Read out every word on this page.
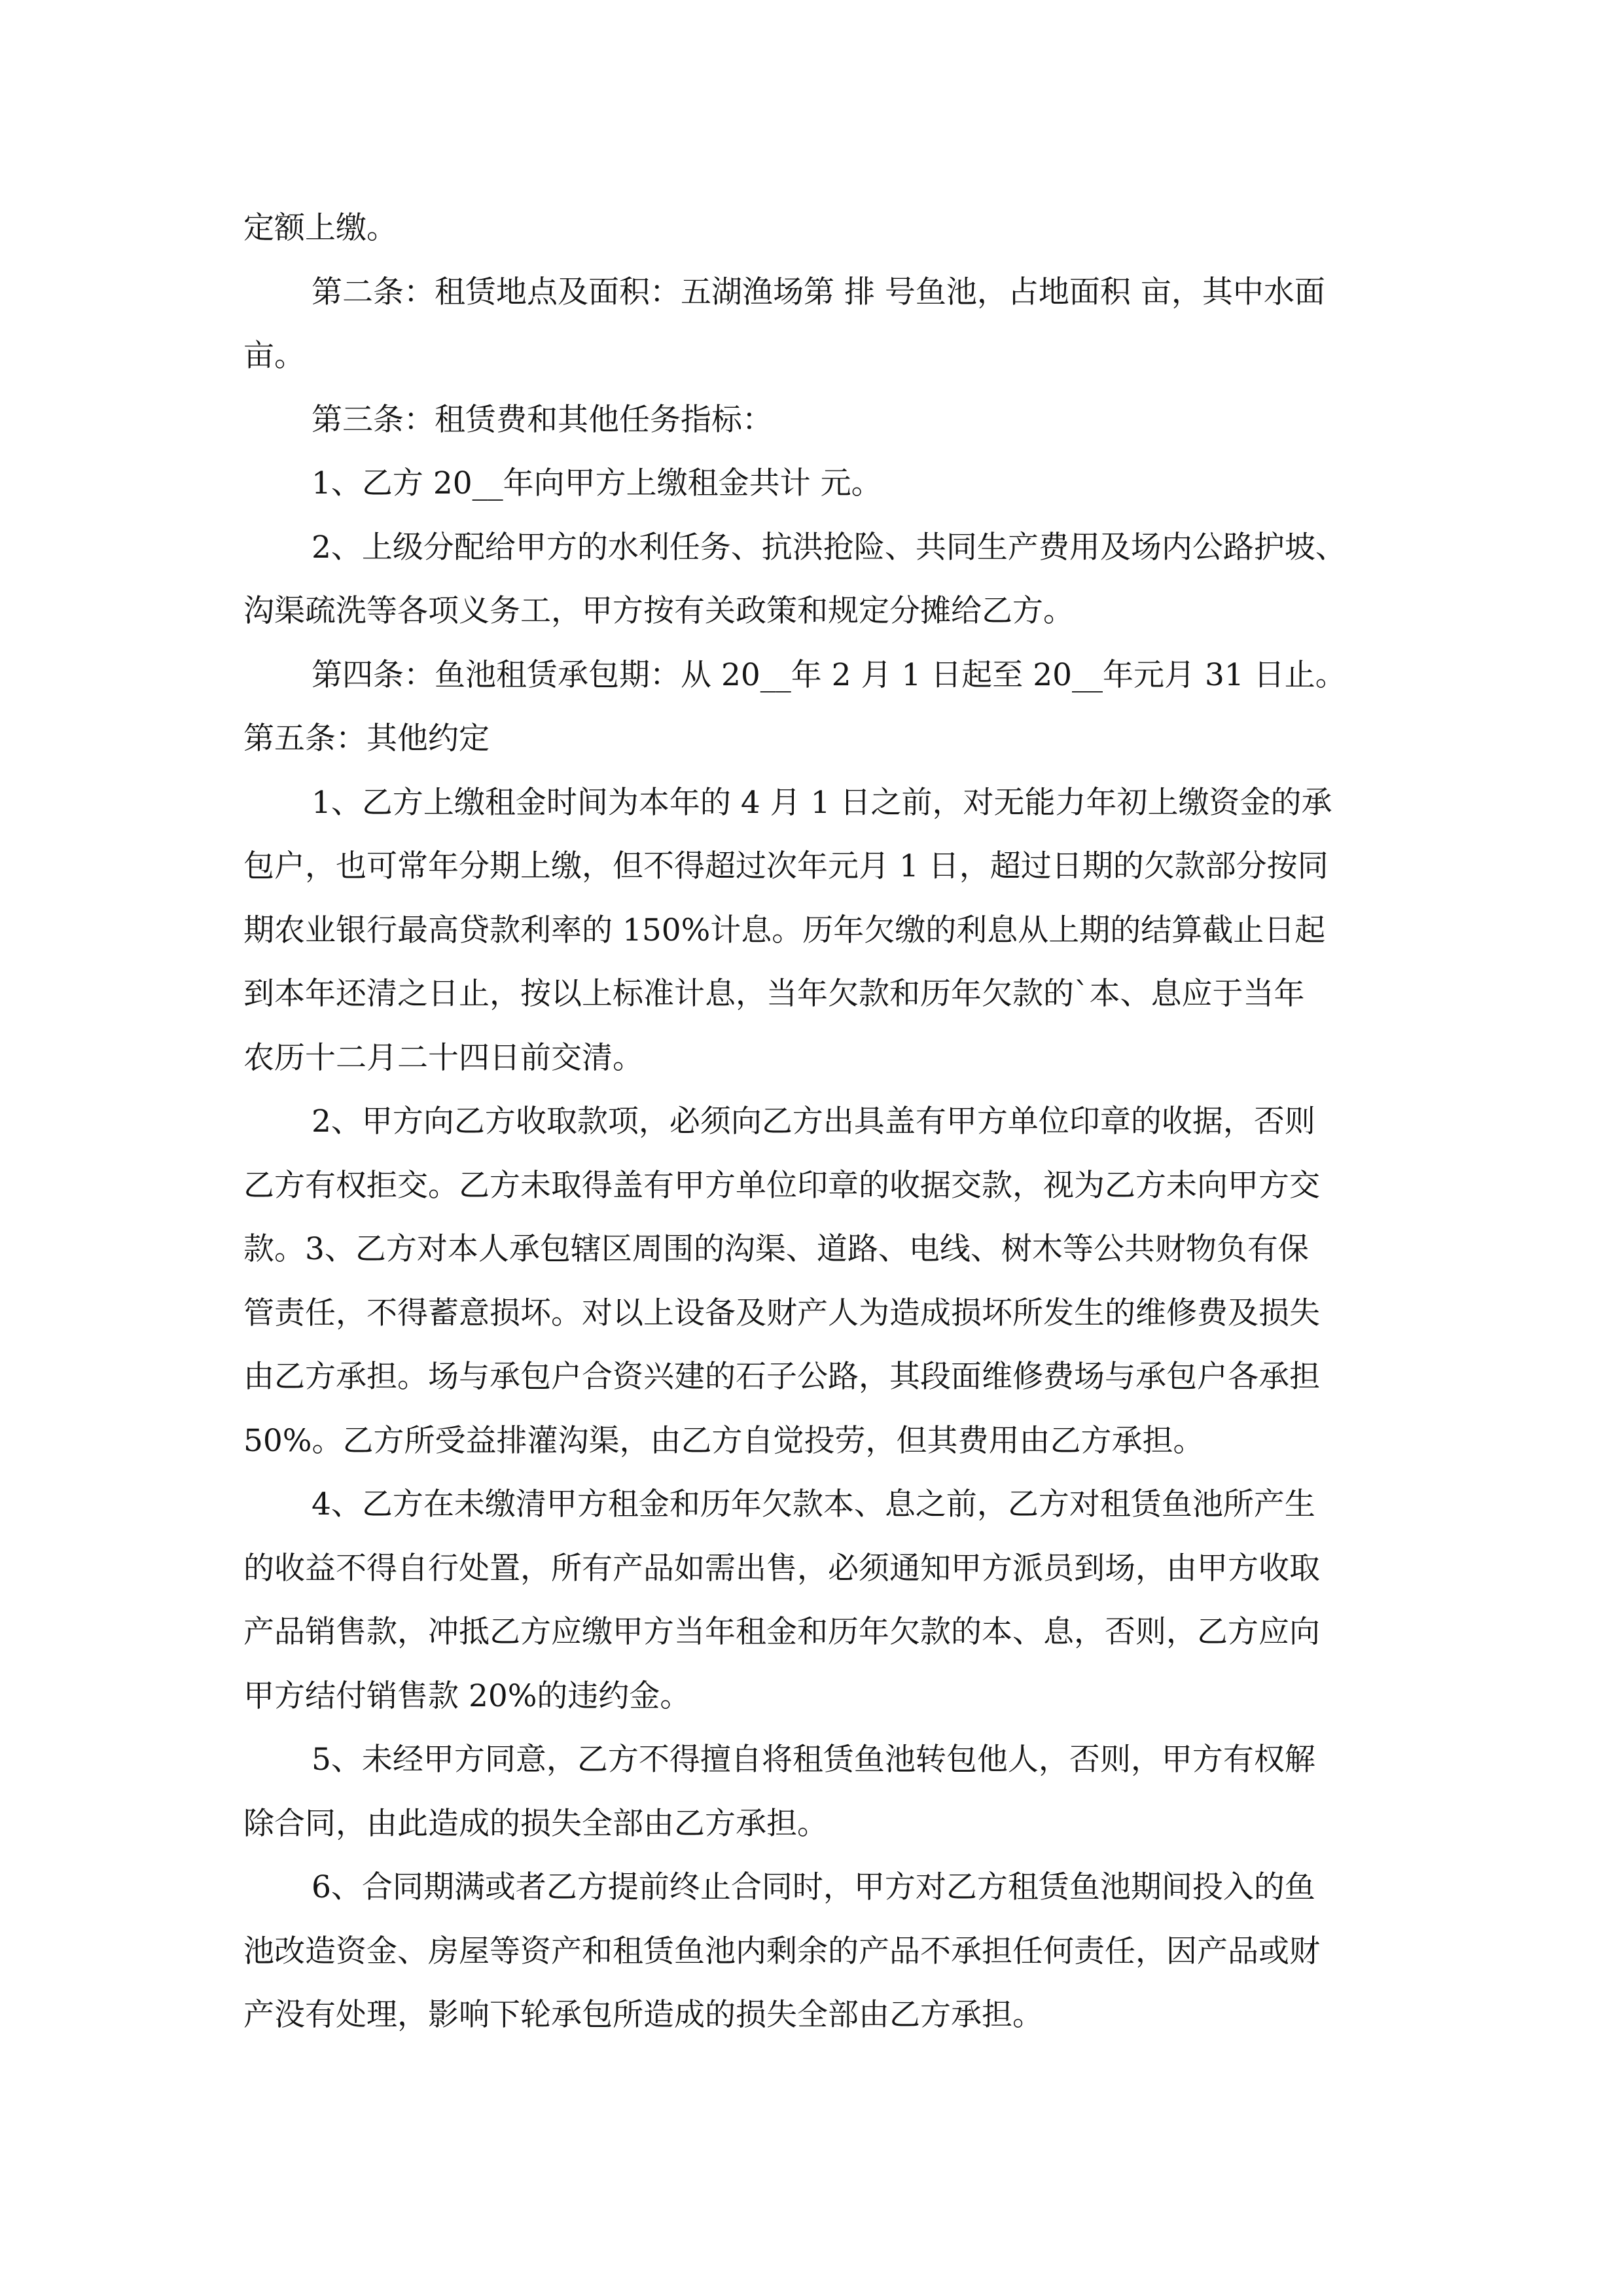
定额上缴。
第二条：租赁地点及面积：五湖渔场第 排 号鱼池，占地面积 亩，其中水面
亩。
第三条：租赁费和其他任务指标：
1、乙方 20__年向甲方上缴租金共计 元。
2、上级分配给甲方的水利任务、抗洪抢险、共同生产费用及场内公路护坡、
沟渠疏洗等各项义务工，甲方按有关政策和规定分摊给乙方。
第四条：鱼池租赁承包期：从 20__年 2 月 1 日起至 20__年元月 31 日止。
第五条：其他约定
1、乙方上缴租金时间为本年的 4 月 1 日之前，对无能力年初上缴资金的承
包户，也可常年分期上缴，但不得超过次年元月 1 日，超过日期的欠款部分按同
期农业银行最高贷款利率的 150%计息。历年欠缴的利息从上期的结算截止日起
到本年还清之日止，按以上标准计息，当年欠款和历年欠款的`本、息应于当年
农历十二月二十四日前交清。
2、甲方向乙方收取款项，必须向乙方出具盖有甲方单位印章的收据，否则
乙方有权拒交。乙方未取得盖有甲方单位印章的收据交款，视为乙方未向甲方交
款。3、乙方对本人承包辖区周围的沟渠、道路、电线、树木等公共财物负有保
管责任，不得蓄意损坏。对以上设备及财产人为造成损坏所发生的维修费及损失
由乙方承担。场与承包户合资兴建的石子公路，其段面维修费场与承包户各承担
50%。乙方所受益排灌沟渠，由乙方自觉投劳，但其费用由乙方承担。
4、乙方在未缴清甲方租金和历年欠款本、息之前，乙方对租赁鱼池所产生
的收益不得自行处置，所有产品如需出售，必须通知甲方派员到场，由甲方收取
产品销售款，冲抵乙方应缴甲方当年租金和历年欠款的本、息，否则，乙方应向
甲方结付销售款 20%的违约金。
5、未经甲方同意，乙方不得擅自将租赁鱼池转包他人，否则，甲方有权解
除合同，由此造成的损失全部由乙方承担。
6、合同期满或者乙方提前终止合同时，甲方对乙方租赁鱼池期间投入的鱼
池改造资金、房屋等资产和租赁鱼池内剩余的产品不承担任何责任，因产品或财
产没有处理，影响下轮承包所造成的损失全部由乙方承担。
